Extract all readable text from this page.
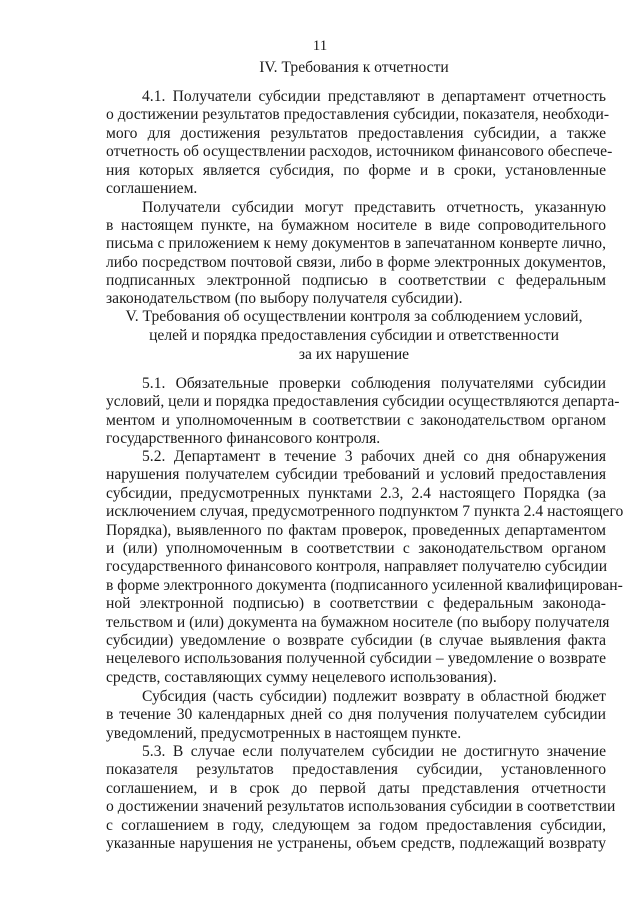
11
IV. Требования к отчетности
4.1. Получатели субсидии представляют в департамент отчетность
о достижении результатов предоставления субсидии, показателя, необходи-
мого для достижения результатов предоставления субсидии, а также
отчетность об осуществлении расходов, источником финансового обеспече-
ния которых является субсидия, по форме и в сроки, установленные
соглашением.
Получатели субсидии могут представить отчетность, указанную
в настоящем пункте, на бумажном носителе в виде сопроводительного
письма с приложением к нему документов в запечатанном конверте лично,
либо посредством почтовой связи, либо в форме электронных документов,
подписанных электронной подписью в соответствии с федеральным
законодательством (по выбору получателя субсидии).
V. Требования об осуществлении контроля за соблюдением условий,
целей и порядка предоставления субсидии и ответственности
за их нарушение
5.1. Обязательные проверки соблюдения получателями субсидии
условий, цели и порядка предоставления субсидии осуществляются департа-
ментом и уполномоченным в соответствии с законодательством органом
государственного финансового контроля.
5.2. Департамент в течение 3 рабочих дней со дня обнаружения
нарушения получателем субсидии требований и условий предоставления
субсидии, предусмотренных пунктами 2.3, 2.4 настоящего Порядка (за
исключением случая, предусмотренного подпунктом 7 пункта 2.4 настоящего
Порядка), выявленного по фактам проверок, проведенных департаментом
и (или) уполномоченным в соответствии с законодательством органом
государственного финансового контроля, направляет получателю субсидии
в форме электронного документа (подписанного усиленной квалифицирован-
ной электронной подписью) в соответствии с федеральным законода-
тельством и (или) документа на бумажном носителе (по выбору получателя
субсидии) уведомление о возврате субсидии (в случае выявления факта
нецелевого использования полученной субсидии – уведомление о возврате
средств, составляющих сумму нецелевого использования).
Субсидия (часть субсидии) подлежит возврату в областной бюджет
в течение 30 календарных дней со дня получения получателем субсидии
уведомлений, предусмотренных в настоящем пункте.
5.3. В случае если получателем субсидии не достигнуто значение
показателя результатов предоставления субсидии, установленного
соглашением, и в срок до первой даты представления отчетности
о достижении значений результатов использования субсидии в соответствии
с соглашением в году, следующем за годом предоставления субсидии,
указанные нарушения не устранены, объем средств, подлежащий возврату
